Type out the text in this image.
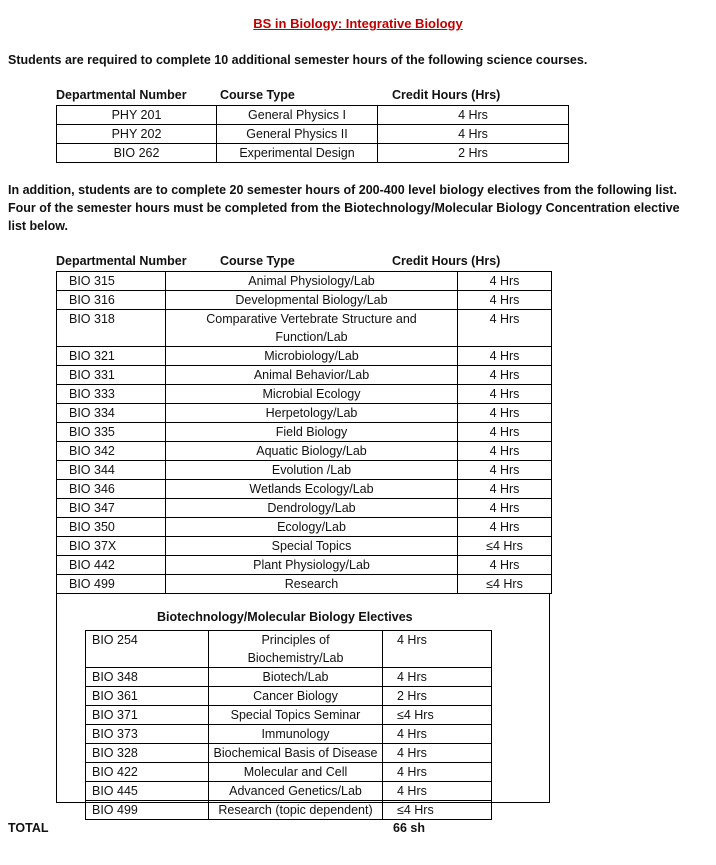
BS in Biology: Integrative Biology
Students are required to complete 10 additional semester hours of the following science courses.
Departmental Number	Course Type	Credit Hours (Hrs)
PHY 201	General Physics I	4 Hrs
PHY 202	General Physics II	4 Hrs
BIO 262	Experimental Design	2 Hrs
In addition, students are to complete 20 semester hours of 200-400 level biology electives from the following list. Four of the semester hours must be completed from the Biotechnology/Molecular Biology Concentration elective list below.
Departmental Number	Course Type	Credit Hours (Hrs)
BIO 315	Animal Physiology/Lab	4 Hrs
BIO 316	Developmental Biology/Lab	4 Hrs
BIO 318	Comparative Vertebrate Structure and Function/Lab	4 Hrs
BIO 321	Microbiology/Lab	4 Hrs
BIO 331	Animal Behavior/Lab	4 Hrs
BIO 333	Microbial Ecology	4 Hrs
BIO 334	Herpetology/Lab	4 Hrs
BIO 335	Field Biology	4 Hrs
BIO 342	Aquatic Biology/Lab	4 Hrs
BIO 344	Evolution /Lab	4 Hrs
BIO 346	Wetlands Ecology/Lab	4 Hrs
BIO 347	Dendrology/Lab	4 Hrs
BIO 350	Ecology/Lab	4 Hrs
BIO 37X	Special Topics	≤4 Hrs
BIO 442	Plant Physiology/Lab	4 Hrs
BIO 499	Research	≤4 Hrs
Biotechnology/Molecular Biology Electives
BIO 254	Principles of Biochemistry/Lab	4 Hrs
BIO 348	Biotech/Lab	4 Hrs
BIO 361	Cancer Biology	2 Hrs
BIO 371	Special Topics Seminar	≤4 Hrs
BIO 373	Immunology	4 Hrs
BIO 328	Biochemical Basis of Disease	4 Hrs
BIO 422	Molecular and Cell	4 Hrs
BIO 445	Advanced Genetics/Lab	4 Hrs
BIO 499	Research (topic dependent)	≤4 Hrs
TOTAL	66 sh
